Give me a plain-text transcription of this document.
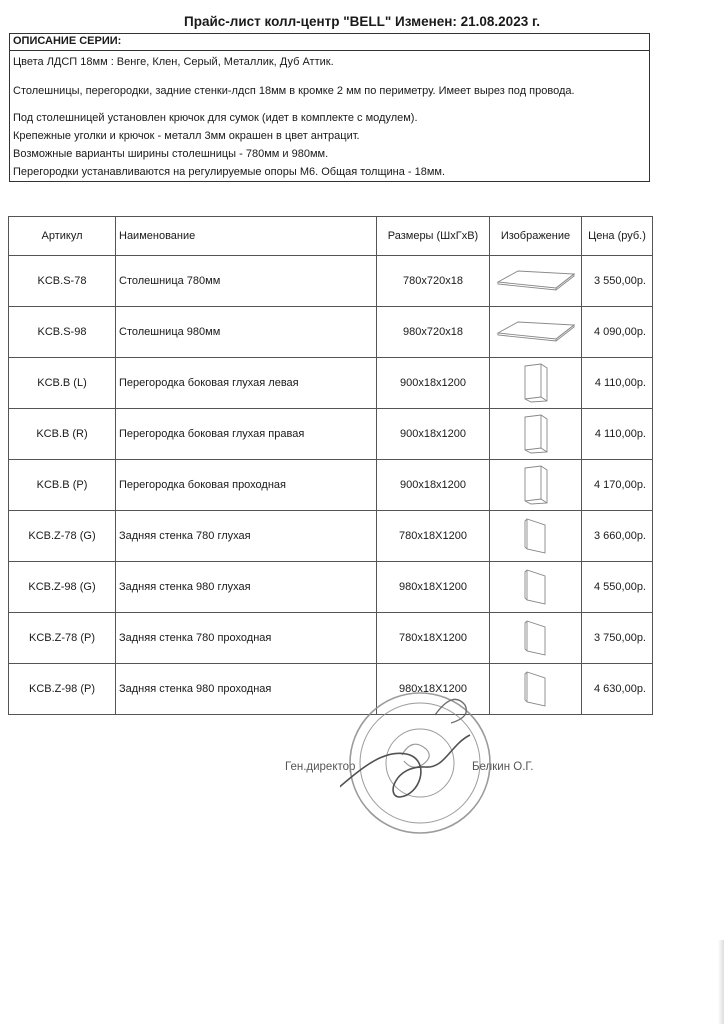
Прайс-лист колл-центр "BELL" Изменен: 21.08.2023 г.
ОПИСАНИЕ СЕРИИ:
Цвета ЛДСП 18мм : Венге, Клен, Серый, Металлик, Дуб Аттик.
Столешницы, перегородки, задние стенки-лдсп 18мм в кромке 2 мм по периметру. Имеет вырез под провода.
Под столешницей установлен крючок для сумок (идет в комплекте с модулем).
Крепежные уголки и крючок - металл 3мм окрашен в цвет антрацит.
Возможные варианты ширины столешницы - 780мм и 980мм.
Перегородки устанавливаются на регулируемые опоры М6. Общая толщина - 18мм.
Артикул	Наименование	Размеры (ШхГхВ)	Изображение	Цена (руб.)
KCB.S-78	Столешница 780мм	780x720x18		3 550,00р.
KCB.S-98	Столешница 980мм	980x720x18		4 090,00р.
KCB.B (L)	Перегородка боковая глухая левая	900x18x1200		4 110,00р.
KCB.B (R)	Перегородка боковая глухая правая	900x18x1200		4 110,00р.
KCB.B (P)	Перегородка боковая проходная	900x18x1200		4 170,00р.
KCB.Z-78 (G)	Задняя стенка 780 глухая	780x18X1200		3 660,00р.
KCB.Z-98 (G)	Задняя стенка 980 глухая	980x18X1200		4 550,00р.
KCB.Z-78 (P)	Задняя стенка 780 проходная	780x18X1200		3 750,00р.
KCB.Z-98 (P)	Задняя стенка 980 проходная	980x18X1200		4 630,00р.
Ген.директор	Белкин О.Г.
